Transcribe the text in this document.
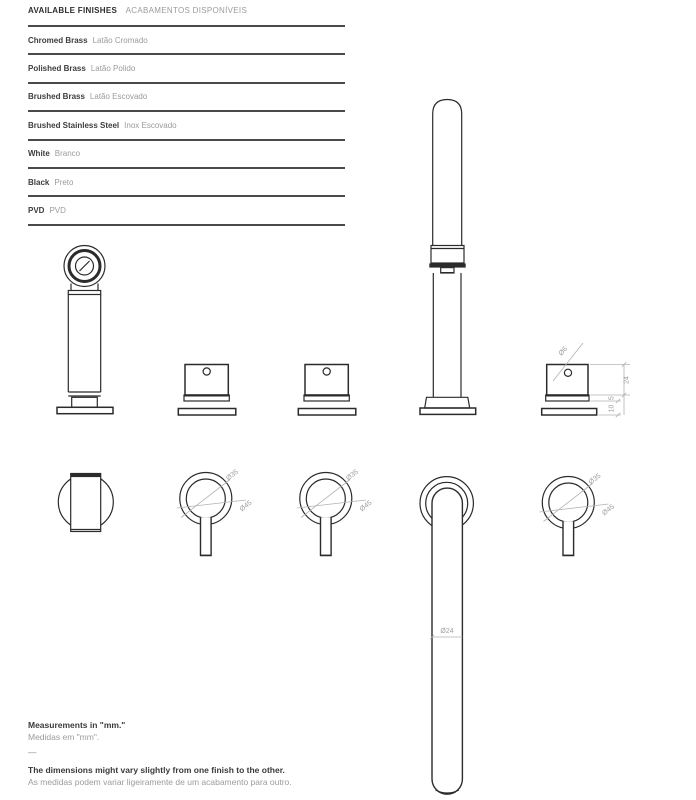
AVAILABLE FINISHES ACABAMENTOS DISPONÍVEIS
Chromed Brass Latão Cromado
Polished Brass Latão Polido
Brushed Brass Latão Escovado
Brushed Stainless Steel Inox Escovado
White Branco
Black Preto
PVD PVD
Ø6
24
5
10
Ø35
Ø45
Ø35
Ø45
Ø24
Ø35
Ø45
Measurements in "mm."
Medidas em "mm".
—
The dimensions might vary slightly from one finish to the other.
As medidas podem variar ligeiramente de um acabamento para outro.
